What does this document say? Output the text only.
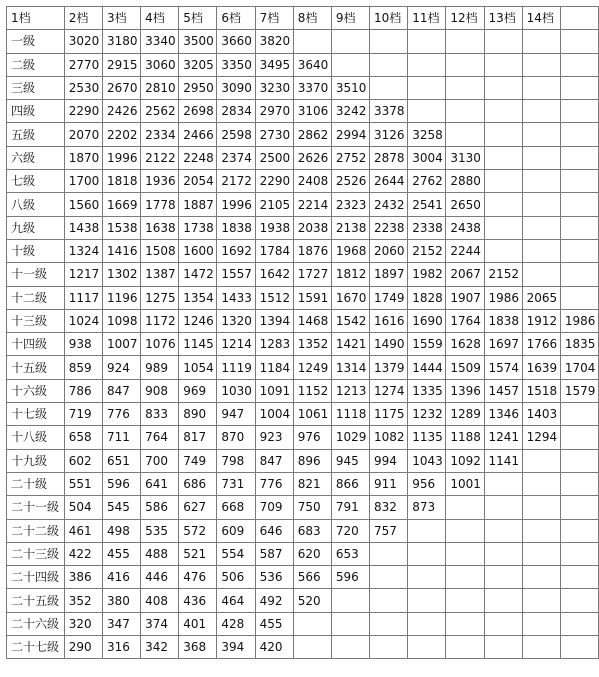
1档	2档	3档	4档	5档	6档	7档	8档	9档	10档	11档	12档	13档	14档	
一级	3020	3180	3340	3500	3660	3820								
二级	2770	2915	3060	3205	3350	3495	3640							
三级	2530	2670	2810	2950	3090	3230	3370	3510						
四级	2290	2426	2562	2698	2834	2970	3106	3242	3378					
五级	2070	2202	2334	2466	2598	2730	2862	2994	3126	3258				
六级	1870	1996	2122	2248	2374	2500	2626	2752	2878	3004	3130			
七级	1700	1818	1936	2054	2172	2290	2408	2526	2644	2762	2880			
八级	1560	1669	1778	1887	1996	2105	2214	2323	2432	2541	2650			
九级	1438	1538	1638	1738	1838	1938	2038	2138	2238	2338	2438			
十级	1324	1416	1508	1600	1692	1784	1876	1968	2060	2152	2244			
十一级	1217	1302	1387	1472	1557	1642	1727	1812	1897	1982	2067	2152		
十二级	1117	1196	1275	1354	1433	1512	1591	1670	1749	1828	1907	1986	2065	
十三级	1024	1098	1172	1246	1320	1394	1468	1542	1616	1690	1764	1838	1912	1986
十四级	938	1007	1076	1145	1214	1283	1352	1421	1490	1559	1628	1697	1766	1835
十五级	859	924	989	1054	1119	1184	1249	1314	1379	1444	1509	1574	1639	1704
十六级	786	847	908	969	1030	1091	1152	1213	1274	1335	1396	1457	1518	1579
十七级	719	776	833	890	947	1004	1061	1118	1175	1232	1289	1346	1403	
十八级	658	711	764	817	870	923	976	1029	1082	1135	1188	1241	1294	
十九级	602	651	700	749	798	847	896	945	994	1043	1092	1141		
二十级	551	596	641	686	731	776	821	866	911	956	1001			
二十一级	504	545	586	627	668	709	750	791	832	873				
二十二级	461	498	535	572	609	646	683	720	757					
二十三级	422	455	488	521	554	587	620	653						
二十四级	386	416	446	476	506	536	566	596						
二十五级	352	380	408	436	464	492	520							
二十六级	320	347	374	401	428	455								
二十七级	290	316	342	368	394	420								
